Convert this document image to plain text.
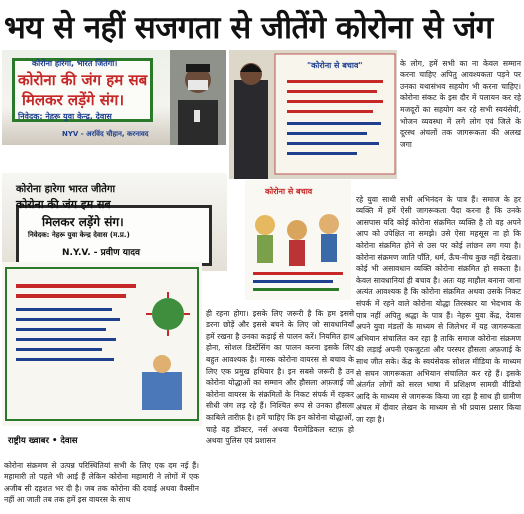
भय से नहीं सजगता से जीतेंगे कोरोना से जंग
कोरोना हारेगा, भारत जितेगा।
कोरोना की जंग हम सब
मिलकर लड़ेंगे संग।
निवेदक: नेहरू युवा केन्द्र, देवास
NYV - अरविंद चौहान, करनावद
"कोरोना से बचाव"
कोरोना हारेगा भारत जीतेगा
कोरोना की जंग हम सब
मिलकर लड़ेंगे संग।
निवेदक: नेहरू युवा केन्द्र देवास (म.प्र.)
N.Y.V. - प्रवीण यादव
कोरोना से बचाव
राष्ट्रीय ख्वाबर • देवास

के लोग, हमें सभी का ना केवल सम्मान करना चाहिए अपितु आवश्यकता पड़ने पर उनका यथासंभव सहयोग भी करना चाहिए। कोरोना संकट के इस दौर में पलायन कर रहे मजदूरों का सहयोग कर रहे सभी स्वयंसेवी, भोजन व्यवस्था में लगे लोग एवं जिले के दूरस्थ अंचलों तक जागरूकता की अलख जगा

रहे युवा साथी सभी अभिनंदन के पात्र हैं। समाज के हर व्यक्ति में हमें ऐसी जागरूकता पैदा करना है कि उनके आसपास यदि कोई कोरोना संक्रमित व्यक्ति है तो वह अपने आप को उपेक्षित ना समझे। उसे ऐसा महसूस ना हो कि कोरोना संक्रमित होने से उस पर कोई लांछन लग गया है। कोरोना संक्रमण जाति पाँति, धर्म, ऊँच-नीच कुछ नहीं देखता। कोई भी असावधान व्यक्ति कोरोना संक्रमित हो सकता है। केवल सावधानियां ही बचाव है। अतः यह माहौल बनाना जाना अत्यंत आवश्यक है कि कोरोना संक्रमित अथवा उसके निकट संपर्क में रहने वाले कोरोना योद्धा तिरस्कार या भेदभाव के पात्र नहीं अपितु श्रद्धा के पात्र हैं। नेहरू युवा केंद्र, देवास अपने युवा मंडलों के माध्यम से जिलेभर में यह जागरूकता अभियान संचालित कर रहा है ताकि समाज कोरोना संक्रमण की लड़ाई अपनी एकजुटता और परस्पर हौसला अफ़जाई के साथ जीत सके। केंद्र के स्वयंसेवक सोशल मीडिया के माध्यम से सघन जागरूकता अभियान संचालित कर रहे हैं। इसके अंतर्गत लोगों को सरल भाषा में प्रशिक्षण सामग्री वीडियो आदि के माध्यम से जागरूक किया जा रहा है साथ ही ग्रामीण अंचल में दीवार लेखन के माध्यम से भी प्रयास प्रसार किया जा रहा है।

ही रहना होगा। इसके लिए जरूरी है कि हम इससे डरना छोड़ें और इससे बचने के लिए जो सावधानियाँ हमें रखना है उनका कड़ाई से पालन करें। नियमित हाथ होना, सोशल डिस्टेंसिंग का पालन करना इसके लिए बहुत आवश्यक है। मास्क कोरोना वायरस से बचाव के लिए एक प्रमुख हथियार है। इन सबसे जरूरी है उन कोरोना योद्धाओं का सम्मान और हौसला अफ़जाई जो कोरोना वायरस के संक्रमितों के निकट संपर्क में रहकर सीधी जंग लड़ रहे हैं। निश्चित रूप से उनका हौसला काबिले तारीफ़ है। हमें चाहिए कि इन कोरोना योद्धाओं, चाहे वह डॉक्टर, नर्स अथवा पैरामेडिकल स्टाफ़ हो अथवा पुलिस एवं प्रशासन

कोरोना संक्रमण से उत्पन्न परिस्थितियां सभी के लिए एक दम नई हैं। महामारी तो पहले भी आई हैं लेकिन कोरोना महामारी ने लोगों में एक अजीब सी दहशत भर दी है। जब तक कोरोना की दवाई अथवा वैक्सीन नहीं आ जाती तब तक हमें इस वायरस के साथ
